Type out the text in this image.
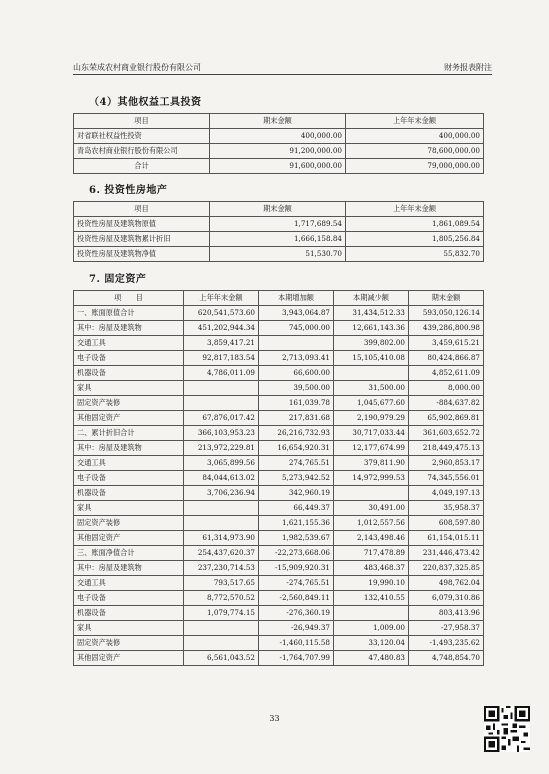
山东荣成农村商业银行股份有限公司	财务报表附注
（4）其他权益工具投资
项目	期末金额	上年年末金额
对省联社权益性投资	400,000.00	400,000.00
青岛农村商业银行股份有限公司	91,200,000.00	78,600,000.00
合计	91,600,000.00	79,000,000.00
6. 投资性房地产
项目	期末金额	上年年末金额
投资性房屋及建筑物原值	1,717,689.54	1,861,089.54
投资性房屋及建筑物累计折旧	1,666,158.84	1,805,256.84
投资性房屋及建筑物净值	51,530.70	55,832.70
7. 固定资产
项　　目	上年年末金额	本期增加额	本期减少额	期末金额
一、账面原值合计	620,541,573.60	3,943,064.87	31,434,512.33	593,050,126.14
其中：房屋及建筑物	451,202,944.34	745,000.00	12,661,143.36	439,286,800.98
交通工具	3,859,417.21		399,802.00	3,459,615.21
电子设备	92,817,183.54	2,713,093.41	15,105,410.08	80,424,866.87
机器设备	4,786,011.09	66,600.00		4,852,611.09
家具		39,500.00	31,500.00	8,000.00
固定资产装修		161,039.78	1,045,677.60	-884,637.82
其他固定资产	67,876,017.42	217,831.68	2,190,979.29	65,902,869.81
二、累计折旧合计	366,103,953.23	26,216,732.93	30,717,033.44	361,603,652.72
其中：房屋及建筑物	213,972,229.81	16,654,920.31	12,177,674.99	218,449,475.13
交通工具	3,065,899.56	274,765.51	379,811.90	2,960,853.17
电子设备	84,044,613.02	5,273,942.52	14,972,999.53	74,345,556.01
机器设备	3,706,236.94	342,960.19		4,049,197.13
家具		66,449.37	30,491.00	35,958.37
固定资产装修		1,621,155.36	1,012,557.56	608,597.80
其他固定资产	61,314,973.90	1,982,539.67	2,143,498.46	61,154,015.11
三、账面净值合计	254,437,620.37	-22,273,668.06	717,478.89	231,446,473.42
其中：房屋及建筑物	237,230,714.53	-15,909,920.31	483,468.37	220,837,325.85
交通工具	793,517.65	-274,765.51	19,990.10	498,762.04
电子设备	8,772,570.52	-2,560,849.11	132,410.55	6,079,310.86
机器设备	1,079,774.15	-276,360.19		803,413.96
家具		-26,949.37	1,009.00	-27,958.37
固定资产装修		-1,460,115.58	33,120.04	-1,493,235.62
其他固定资产	6,561,043.52	-1,764,707.99	47,480.83	4,748,854.70
33
